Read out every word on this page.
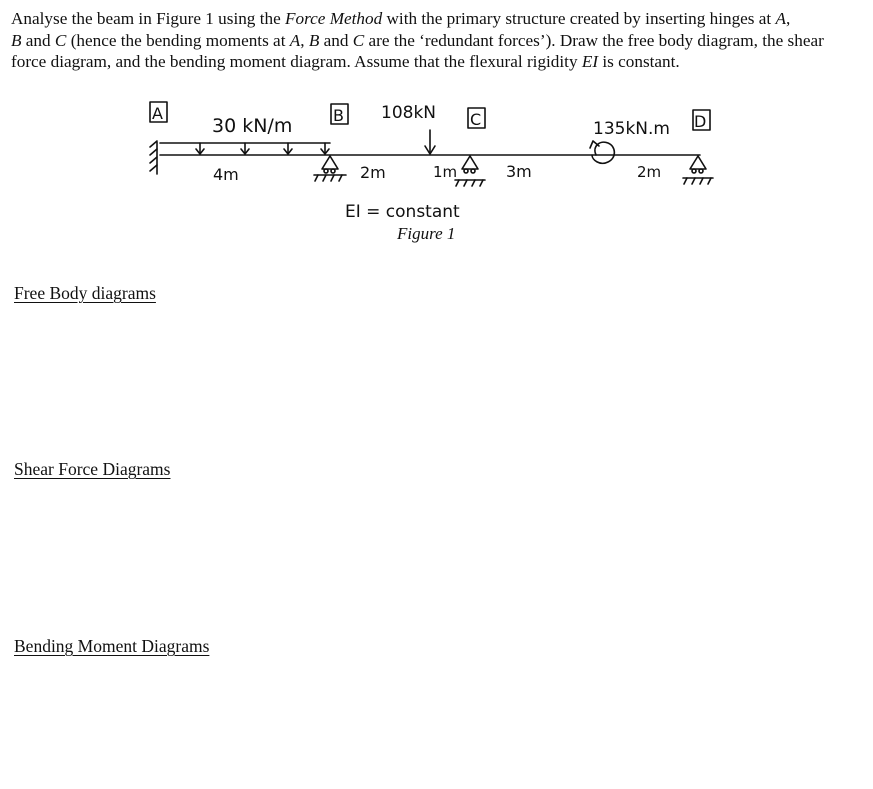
Analyse the beam in Figure 1 using the Force Method with the primary structure created by inserting hinges at A,
B and C (hence the bending moments at A, B and C are the ‘redundant forces’). Draw the free body diagram, the shear force diagram, and the bending moment diagram. Assume that the flexural rigidity EI is constant.
A	B	C	D
30 kN/m
108kN
135kN.m
4m	2m	1m	3m	2m
EI = constant
Figure 1
Free Body diagrams
Shear Force Diagrams
Bending Moment Diagrams
